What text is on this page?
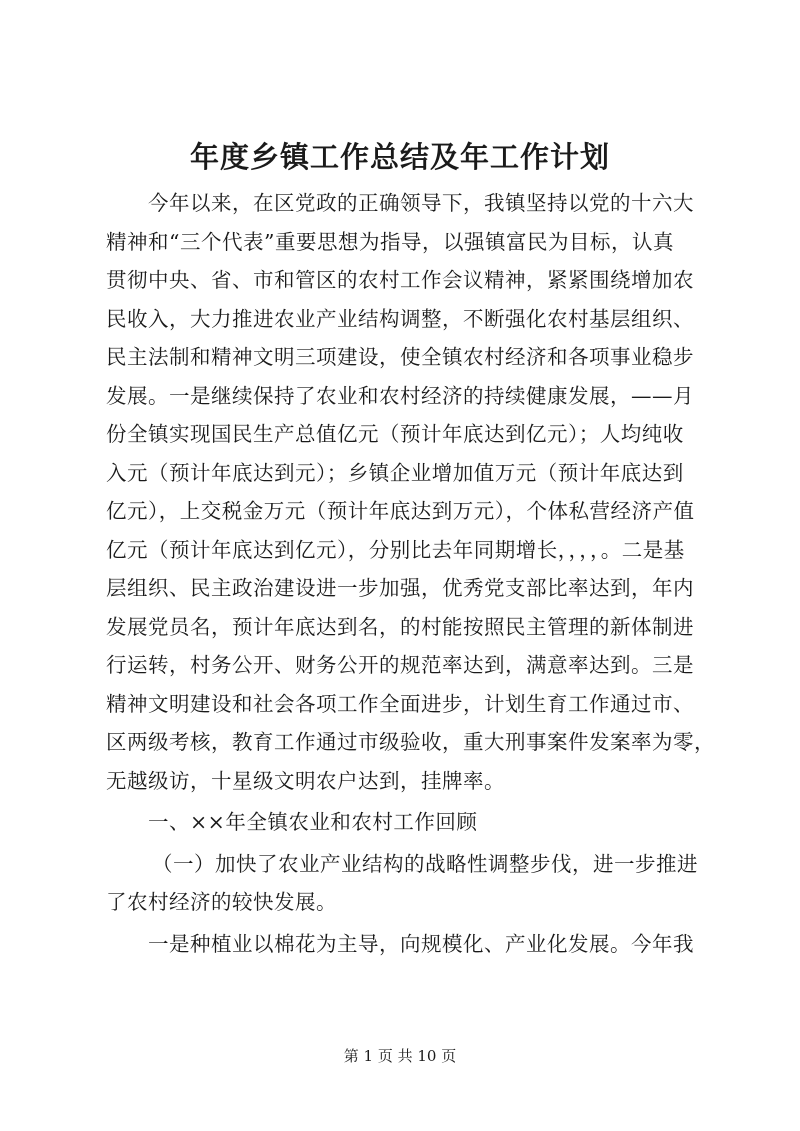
年度乡镇工作总结及年工作计划
今年以来，在区党政的正确领导下，我镇坚持以党的十六大
精神和“三个代表”重要思想为指导，以强镇富民为目标，认真
贯彻中央、省、市和管区的农村工作会议精神，紧紧围绕增加农
民收入，大力推进农业产业结构调整，不断强化农村基层组织、
民主法制和精神文明三项建设，使全镇农村经济和各项事业稳步
发展。一是继续保持了农业和农村经济的持续健康发展，——月
份全镇实现国民生产总值亿元（预计年底达到亿元）；人均纯收
入元（预计年底达到元）；乡镇企业增加值万元（预计年底达到
亿元），上交税金万元（预计年底达到万元），个体私营经济产值
亿元（预计年底达到亿元），分别比去年同期增长，，，，。二是基
层组织、民主政治建设进一步加强，优秀党支部比率达到，年内
发展党员名，预计年底达到名，的村能按照民主管理的新体制进
行运转，村务公开、财务公开的规范率达到，满意率达到。三是
精神文明建设和社会各项工作全面进步，计划生育工作通过市、
区两级考核，教育工作通过市级验收，重大刑事案件发案率为零，
无越级访，十星级文明农户达到，挂牌率。
一、××年全镇农业和农村工作回顾
（一）加快了农业产业结构的战略性调整步伐，进一步推进
了农村经济的较快发展。
一是种植业以棉花为主导，向规模化、产业化发展。今年我
第 1 页 共 10 页
